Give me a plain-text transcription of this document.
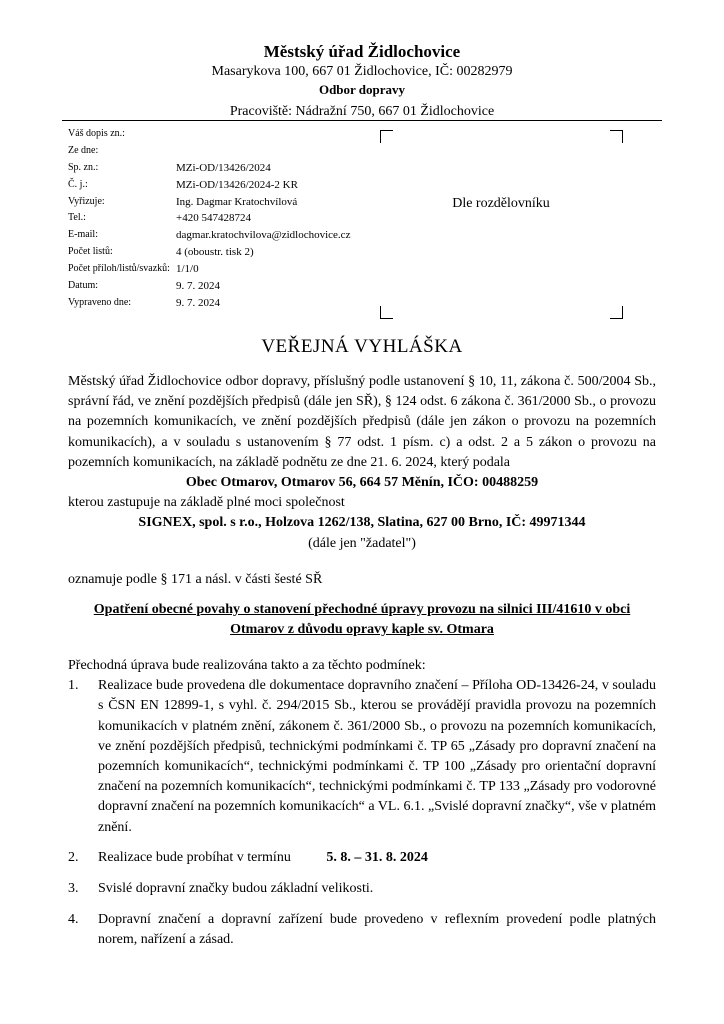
Městský úřad Židlochovice
Masarykova 100, 667 01 Židlochovice, IČ: 00282979
Odbor dopravy
Pracoviště: Nádražní 750, 667 01 Židlochovice
Váš dopis zn.:
Ze dne:
Sp. zn.:	MZi-OD/13426/2024
Č. j.:	MZi-OD/13426/2024-2 KR
Vyřizuje:	Ing. Dagmar Kratochvílová
Tel.:	+420 547428724
E-mail:	dagmar.kratochvilova@zidlochovice.cz
Počet listů:	4 (oboustr. tisk 2)
Počet příloh/listů/svazků: 1/1/0
Datum:	9. 7. 2024
Vypraveno dne:	9. 7. 2024
Dle rozdělovníku
VEŘEJNÁ VYHLÁŠKA
Městský úřad Židlochovice odbor dopravy, příslušný podle ustanovení § 10, 11, zákona č. 500/2004 Sb., správní řád, ve znění pozdějších předpisů (dále jen SŘ), § 124 odst. 6 zákona č. 361/2000 Sb., o provozu na pozemních komunikacích, ve znění pozdějších předpisů (dále jen zákon o provozu na pozemních komunikacích), a v souladu s ustanovením § 77 odst. 1 písm. c) a odst. 2 a 5 zákon o provozu na pozemních komunikacích, na základě podnětu ze dne 21. 6. 2024, který podala
Obec Otmarov, Otmarov 56, 664 57 Měnín, IČO: 00488259
kterou zastupuje na základě plné moci společnost
SIGNEX, spol. s r.o., Holzova 1262/138, Slatina, 627 00 Brno, IČ: 49971344
(dále jen "žadatel")
oznamuje podle § 171 a násl. v části šesté SŘ
Opatření obecné povahy o stanovení přechodné úpravy provozu na silnici III/41610 v obci
Otmarov z důvodu opravy kaple sv. Otmara
Přechodná úprava bude realizována takto a za těchto podmínek:
1. Realizace bude provedena dle dokumentace dopravního značení – Příloha OD-13426-24, v souladu s ČSN EN 12899-1, s vyhl. č. 294/2015 Sb., kterou se provádějí pravidla provozu na pozemních komunikacích v platném znění, zákonem č. 361/2000 Sb., o provozu na pozemních komunikacích, ve znění pozdějších předpisů, technickými podmínkami č. TP 65 „Zásady pro dopravní značení na pozemních komunikacích“, technickými podmínkami č. TP 100 „Zásady pro orientační dopravní značení na pozemních komunikacích“, technickými podmínkami č. TP 133 „Zásady pro vodorovné dopravní značení na pozemních komunikacích“ a VL. 6.1. „Svislé dopravní značky“, vše v platném znění.
2. Realizace bude probíhat v termínu	5. 8. – 31. 8. 2024
3. Svislé dopravní značky budou základní velikosti.
4. Dopravní značení a dopravní zařízení bude provedeno v reflexním provedení podle platných norem, nařízení a zásad.
